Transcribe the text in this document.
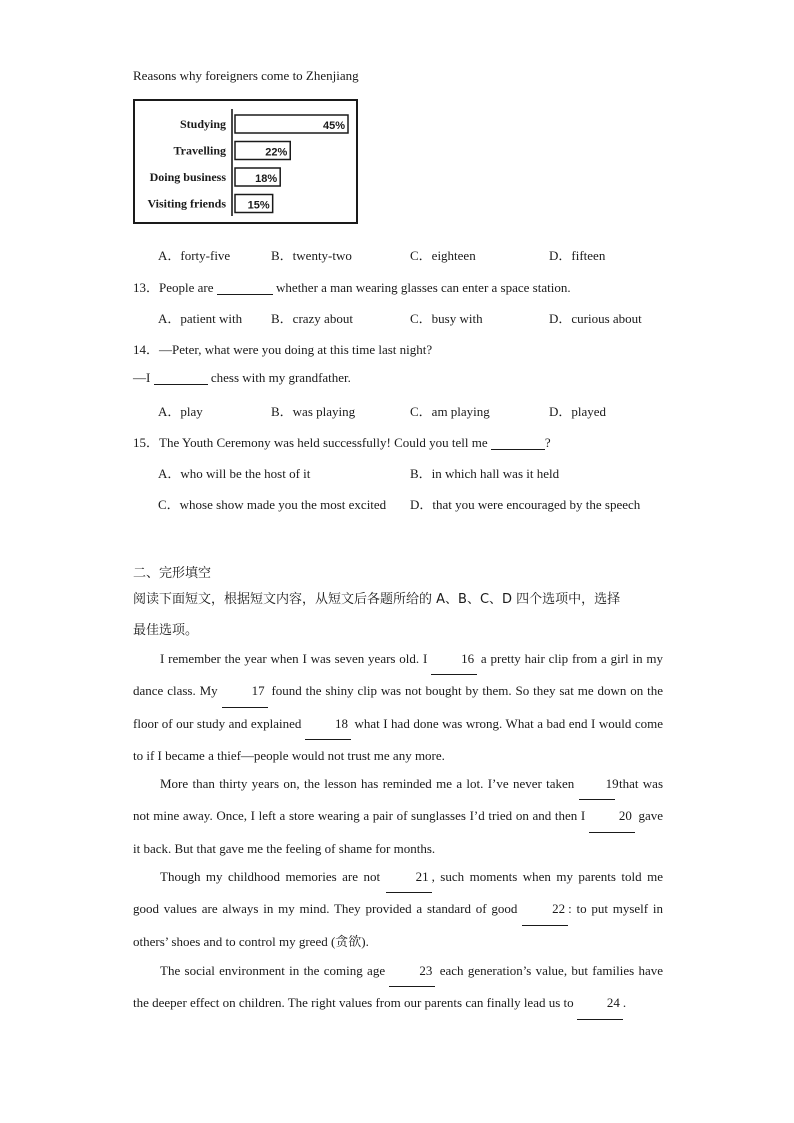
Reasons why foreigners come to Zhenjiang
Studying	45%
Travelling	22%
Doing business	18%
Visiting friends 15%
A．forty-five	B．twenty-two	C．eighteen	D．fifteen
13．People are	whether a man wearing glasses can enter a space station.
A．patient with B．crazy about	C．busy with	D．curious about
14．—Peter, what were you doing at this time last night?
—I	chess with my grandfather.
A．play	B．was playing	C．am playing	D．played
15．The Youth Ceremony was held successfully! Could you tell me	?
A．who will be the host of it	B．in which hall was it held
C．whose show made you the most excited D．that you were encouraged by the speech
二、完形填空
阅读下面短文，根据短文内容，从短文后各题所给的 A、B、C、D 四个选项中，选择
最佳选项。
I remember the year when I was seven years old. I	16 a pretty hair clip from a girl in my dance class. My	17 found the shiny clip was not bought by them. So they sat me down on the floor of our study and explained	18 what I had done was wrong. What a bad end I would come to if I became a thief—people would not trust me any more.
More than thirty years on, the lesson has reminded me a lot. I’ve never taken 19 that was not mine away. Once, I left a store wearing a pair of sunglasses I’d tried on and then I	20 gave it back. But that gave me the feeling of shame for months.
Though my childhood memories are not	21 , such moments when my parents told me good values are always in my mind. They provided a standard of good	22 : to put myself in others’ shoes and to control my greed (贪欲).
The social environment in the coming age	23 each generation’s value, but families have the deeper effect on children. The right values from our parents can finally lead us to	24 .
